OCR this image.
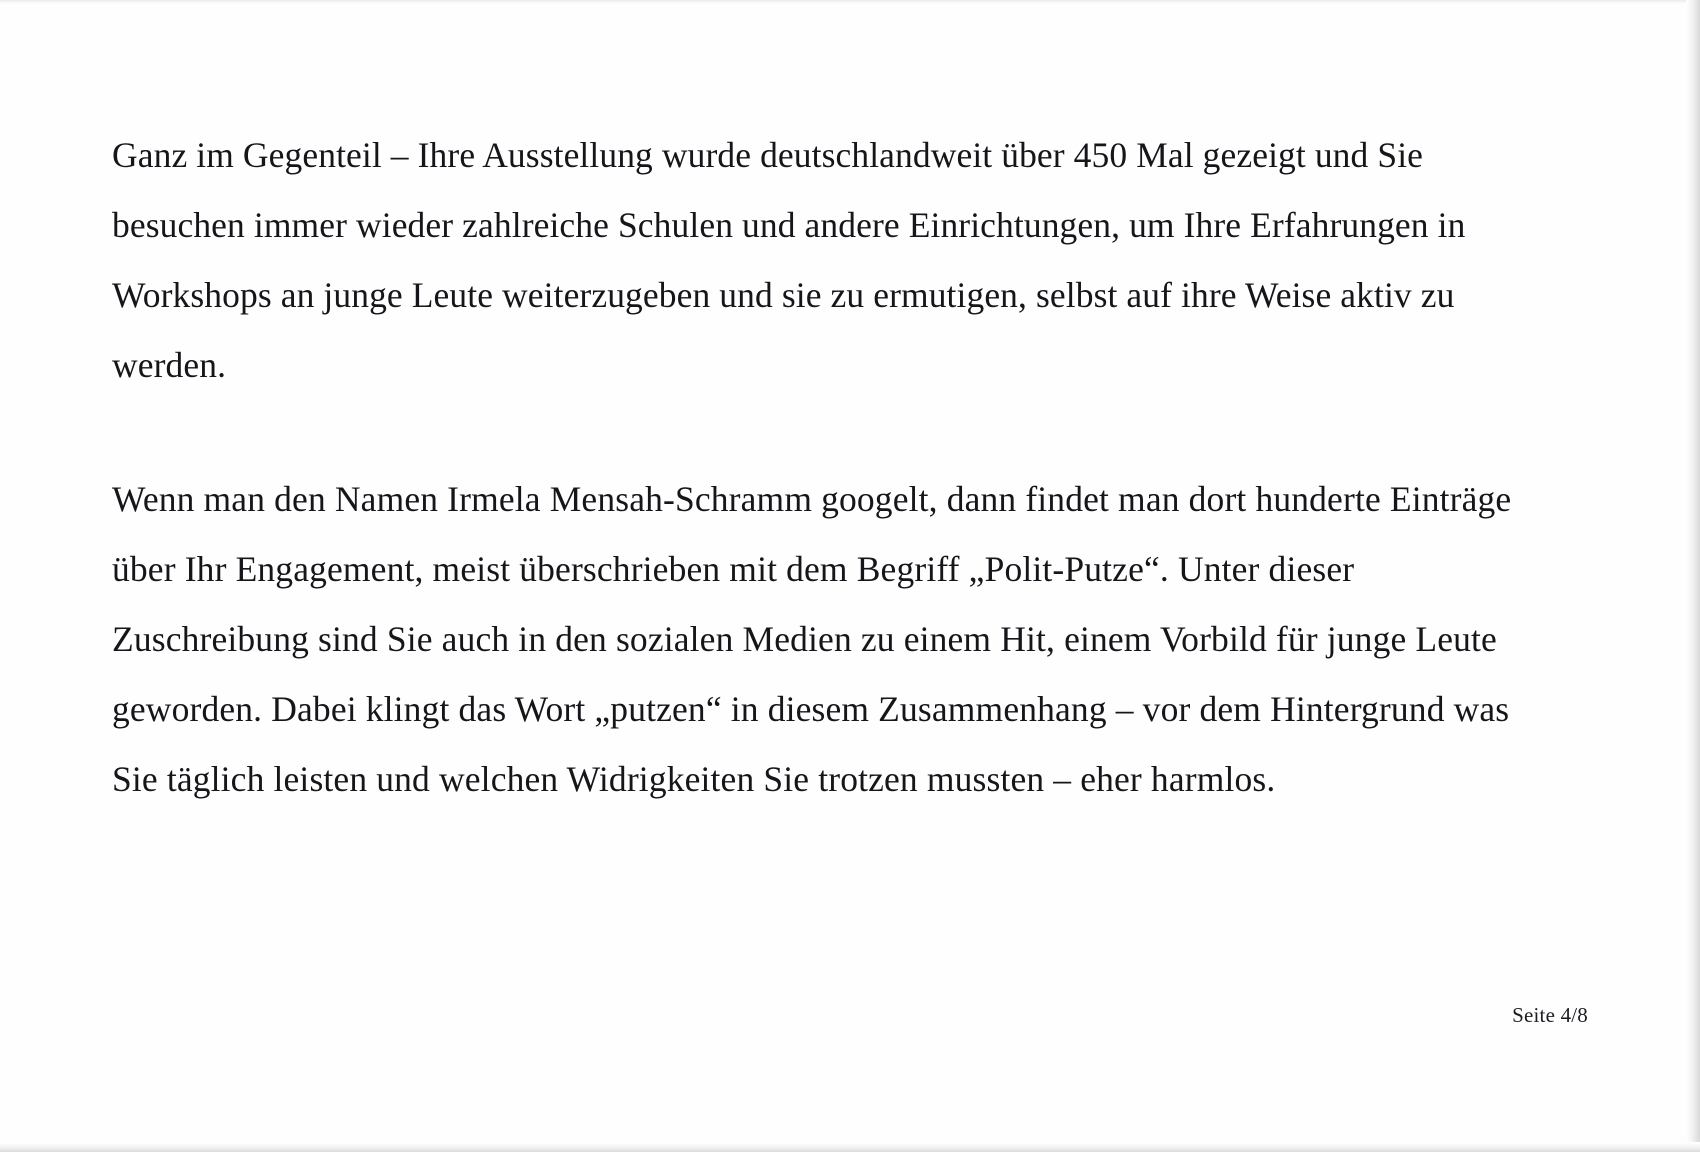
Ganz im Gegenteil – Ihre Ausstellung wurde deutschlandweit über 450 Mal gezeigt und Sie besuchen immer wieder zahlreiche Schulen und andere Einrichtungen, um Ihre Erfahrungen in Workshops an junge Leute weiterzugeben und sie zu ermutigen, selbst auf ihre Weise aktiv zu werden.

Wenn man den Namen Irmela Mensah-Schramm googelt, dann findet man dort hunderte Einträge über Ihr Engagement, meist überschrieben mit dem Begriff „Polit-Putze“. Unter dieser Zuschreibung sind Sie auch in den sozialen Medien zu einem Hit, einem Vorbild für junge Leute geworden. Dabei klingt das Wort „putzen“ in diesem Zusammenhang – vor dem Hintergrund was Sie täglich leisten und welchen Widrigkeiten Sie trotzen mussten – eher harmlos.

Seite 4/8
